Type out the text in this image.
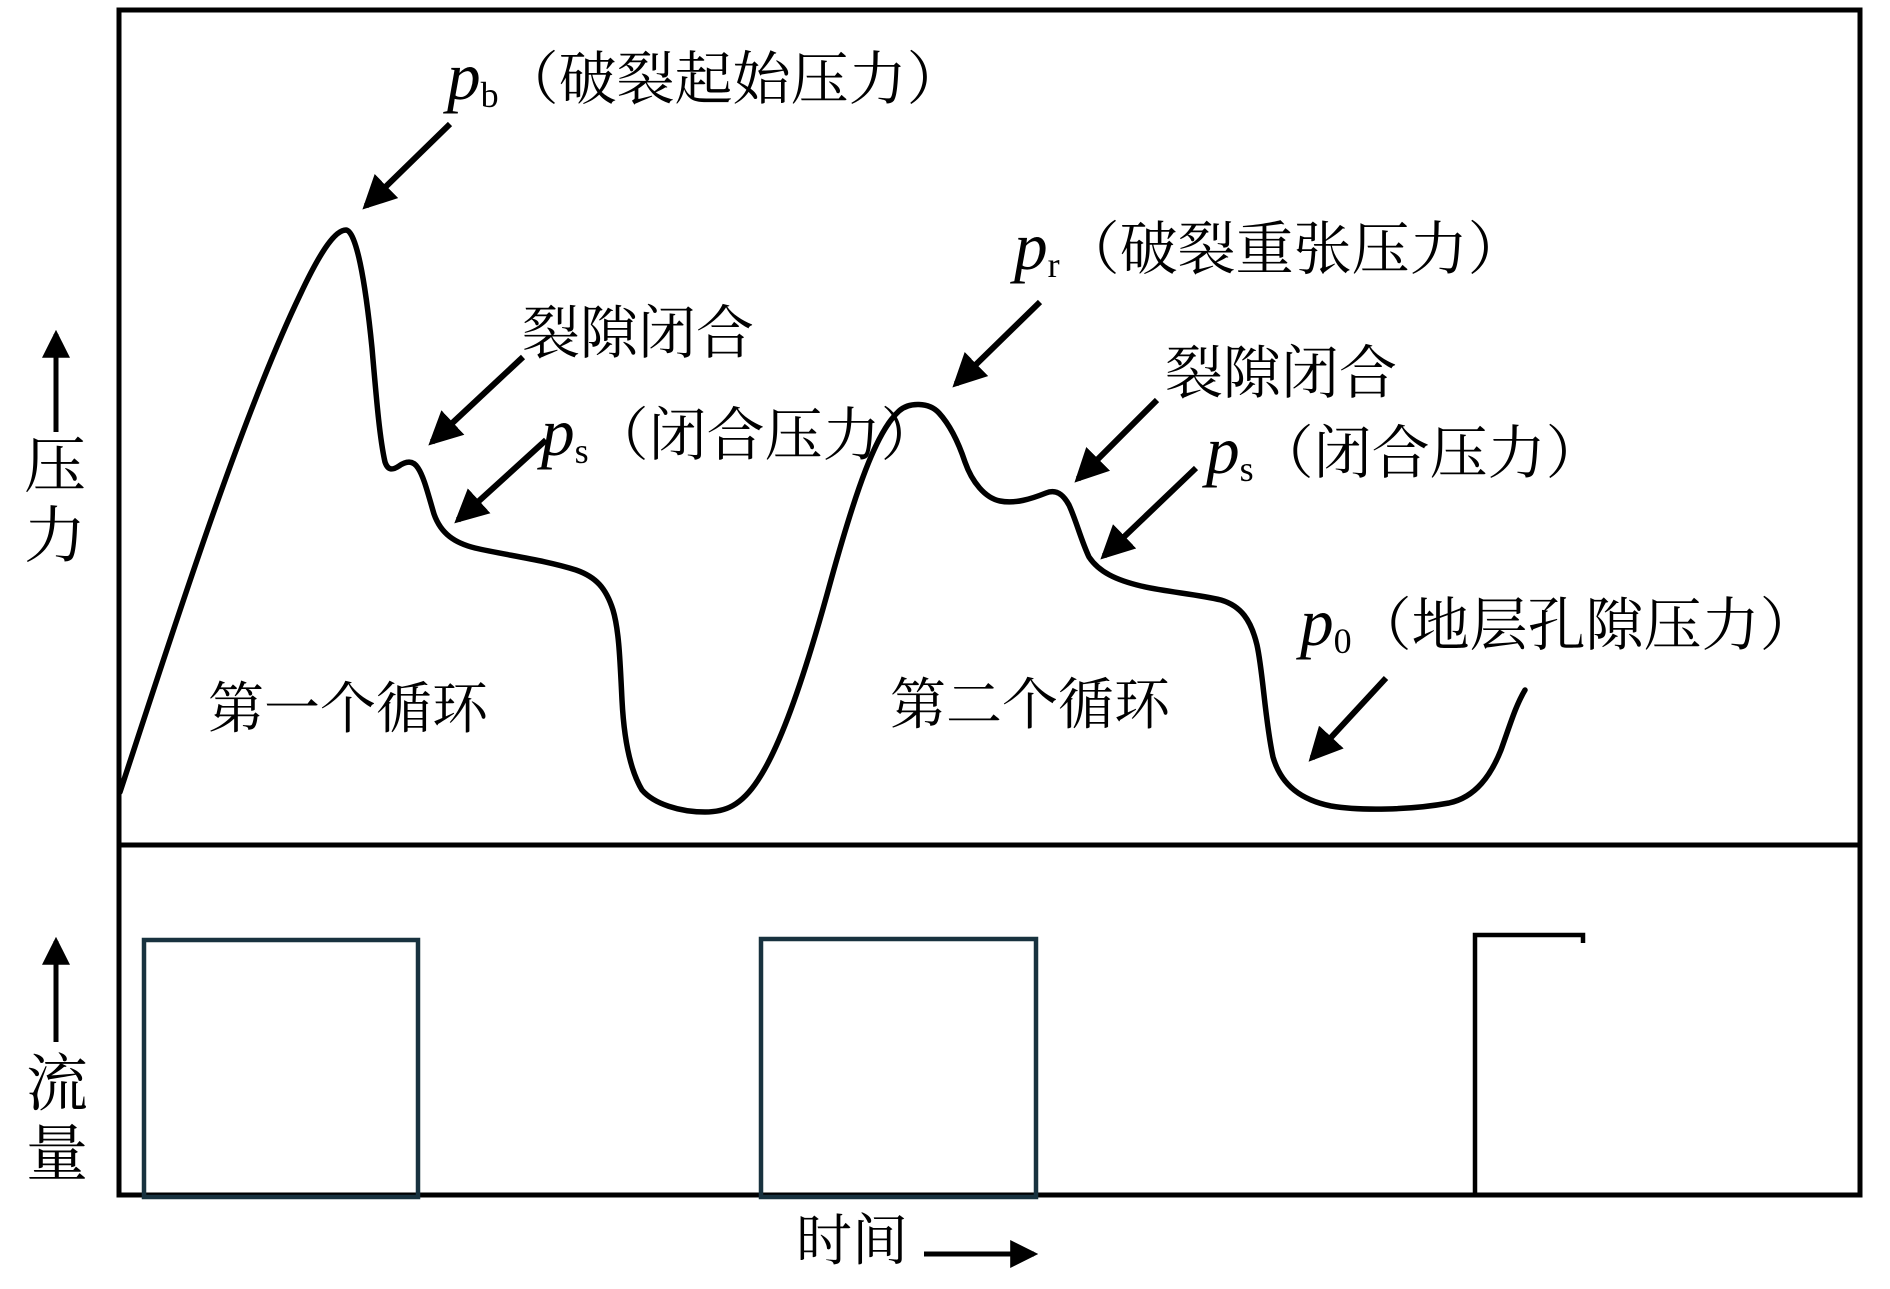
压力
流量
时间
$p_b$（破裂起始压力）
裂隙闭合
$p_s$（闭合压力）
$p_r$（破裂重张压力）
裂隙闭合
$p_s$（闭合压力）
$p_0$（地层孔隙压力）
第一个循环	第二个循环
